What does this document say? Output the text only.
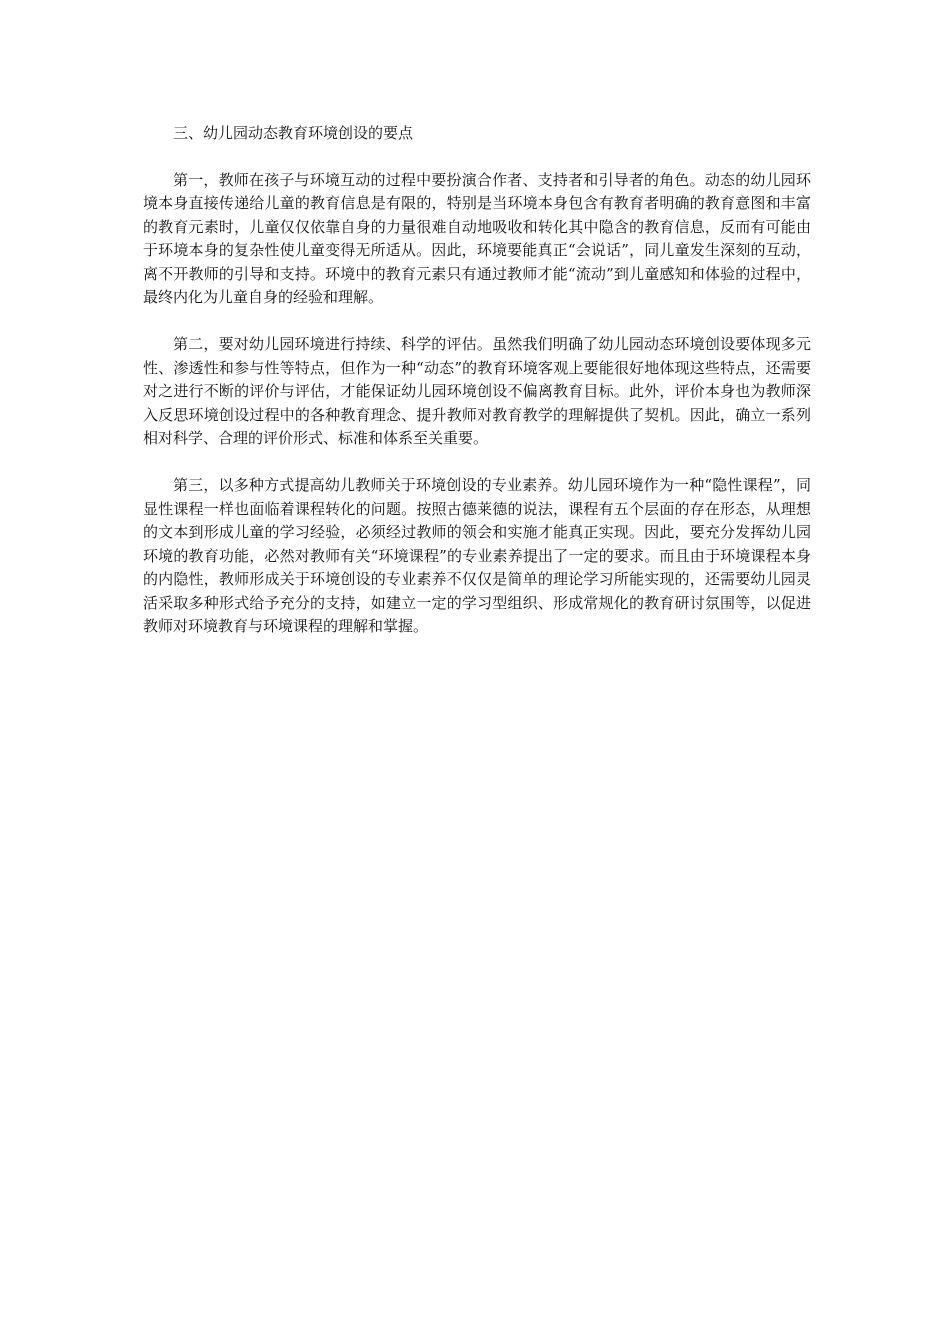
三、幼儿园动态教育环境创设的要点

第一，教师在孩子与环境互动的过程中要扮演合作者、支持者和引导者的角色。动态的幼儿园环境本身直接传递给儿童的教育信息是有限的，特别是当环境本身包含有教育者明确的教育意图和丰富的教育元素时，儿童仅仅依靠自身的力量很难自动地吸收和转化其中隐含的教育信息，反而有可能由于环境本身的复杂性使儿童变得无所适从。因此，环境要能真正“会说话”，同儿童发生深刻的互动，离不开教师的引导和支持。环境中的教育元素只有通过教师才能“流动”到儿童感知和体验的过程中，最终内化为儿童自身的经验和理解。

第二，要对幼儿园环境进行持续、科学的评估。虽然我们明确了幼儿园动态环境创设要体现多元性、渗透性和参与性等特点，但作为一种“动态”的教育环境客观上要能很好地体现这些特点，还需要对之进行不断的评价与评估，才能保证幼儿园环境创设不偏离教育目标。此外，评价本身也为教师深入反思环境创设过程中的各种教育理念、提升教师对教育教学的理解提供了契机。因此，确立一系列相对科学、合理的评价形式、标准和体系至关重要。

第三，以多种方式提高幼儿教师关于环境创设的专业素养。幼儿园环境作为一种“隐性课程”，同显性课程一样也面临着课程转化的问题。按照古德莱德的说法，课程有五个层面的存在形态，从理想的文本到形成儿童的学习经验，必须经过教师的领会和实施才能真正实现。因此，要充分发挥幼儿园环境的教育功能，必然对教师有关“环境课程”的专业素养提出了一定的要求。而且由于环境课程本身的内隐性，教师形成关于环境创设的专业素养不仅仅是简单的理论学习所能实现的，还需要幼儿园灵活采取多种形式给予充分的支持，如建立一定的学习型组织、形成常规化的教育研讨氛围等，以促进教师对环境教育与环境课程的理解和掌握。
